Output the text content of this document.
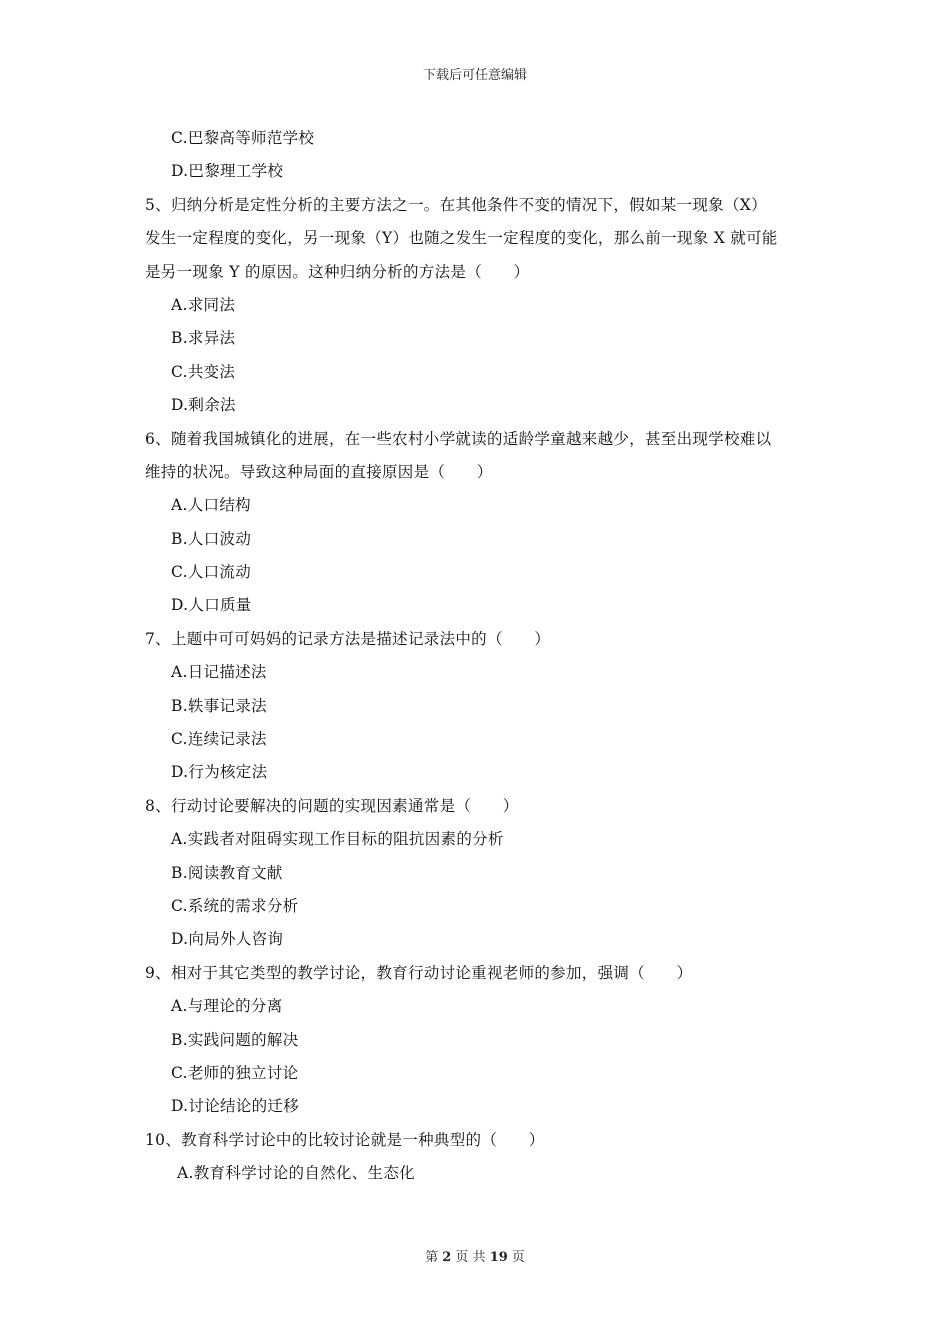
下载后可任意编辑
C.巴黎高等师范学校
D.巴黎理工学校
5、归纳分析是定性分析的主要方法之一。在其他条件不变的情况下，假如某一现象（X）
发生一定程度的变化，另一现象（Y）也随之发生一定程度的变化，那么前一现象 X 就可能
是另一现象 Y 的原因。这种归纳分析的方法是（　　）
A.求同法
B.求异法
C.共变法
D.剩余法
6、随着我国城镇化的进展，在一些农村小学就读的适龄学童越来越少，甚至出现学校难以
维持的状况。导致这种局面的直接原因是（　　）
A.人口结构
B.人口波动
C.人口流动
D.人口质量
7、上题中可可妈妈的记录方法是描述记录法中的（　　）
A.日记描述法
B.轶事记录法
C.连续记录法
D.行为核定法
8、行动讨论要解决的问题的实现因素通常是（　　）
A.实践者对阻碍实现工作目标的阻抗因素的分析
B.阅读教育文献
C.系统的需求分析
D.向局外人咨询
9、相对于其它类型的教学讨论，教育行动讨论重视老师的参加，强调（　　）
A.与理论的分离
B.实践问题的解决
C.老师的独立讨论
D.讨论结论的迁移
10、教育科学讨论中的比较讨论就是一种典型的（　　）
A.教育科学讨论的自然化、生态化
第 2 页 共 19 页
